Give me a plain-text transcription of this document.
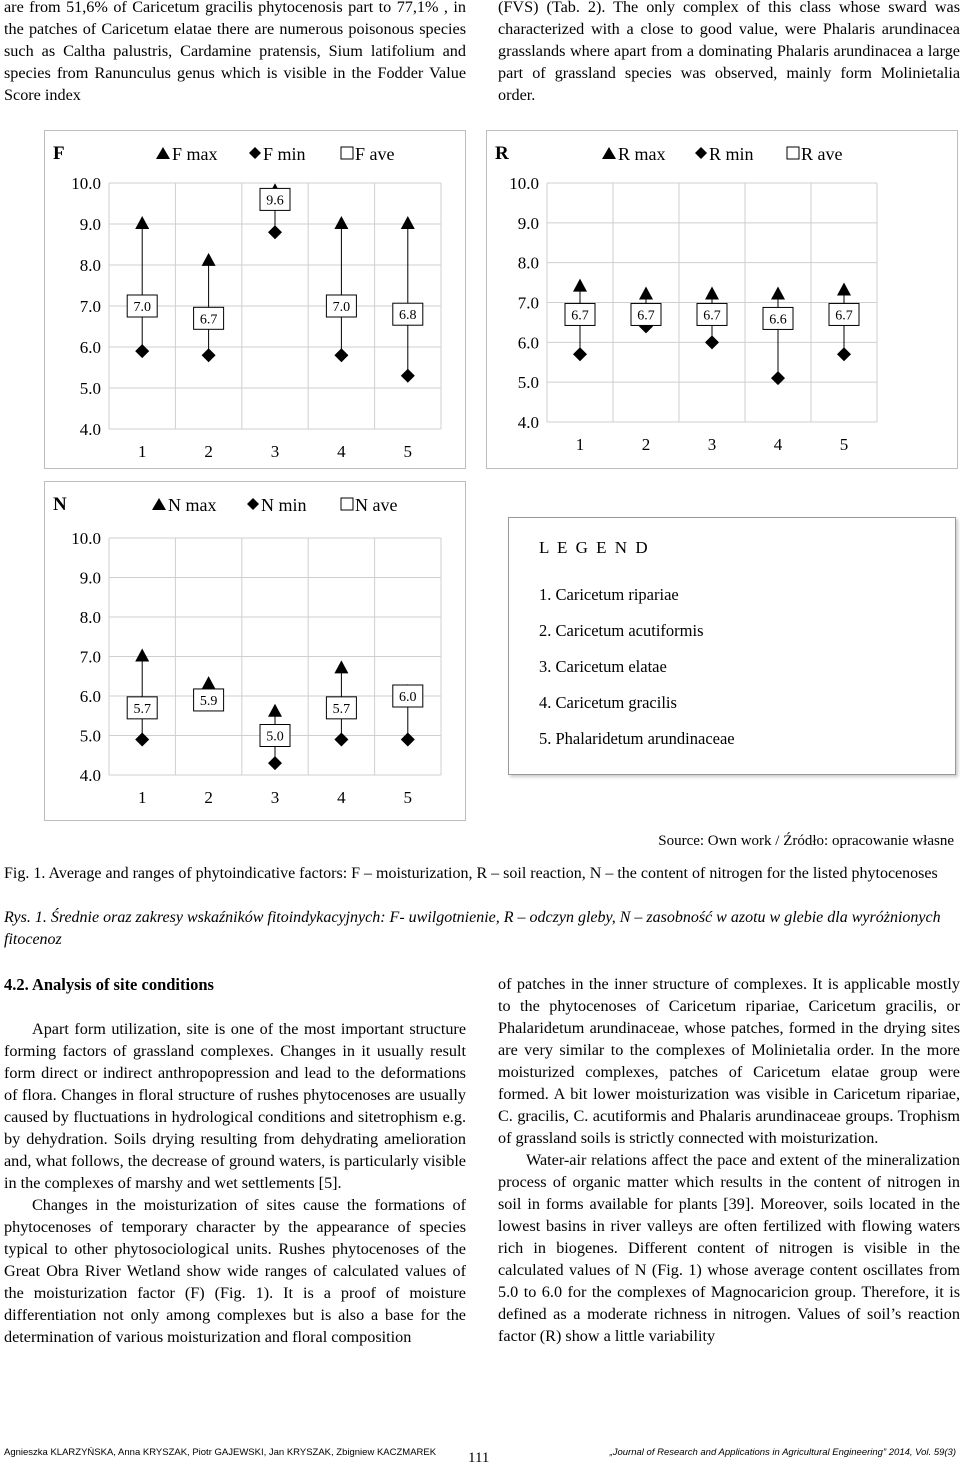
are from 51,6% of Caricetum gracilis phytocenosis part to 77,1% , in the patches of Caricetum elatae there are numerous poisonous species such as Caltha palustris, Cardamine pratensis, Sium latifolium and species from Ranunculus genus which is visible in the Fodder Value Score index

(FVS) (Tab. 2). The only complex of this class whose sward was characterized with a close to good value, were Phalaris arundinacea grasslands where apart from a dominating Phalaris arundinacea a large part of grassland species was observed, mainly form Molinietalia order.

F	F max	F min	F ave
4.0
5.0
6.0
7.0
8.0
9.0
10.0
7.0
1
6.7
2
9.6
3
7.0
4
6.8
5
R	R max R min	R ave
4.0
5.0
6.0
7.0
8.0
9.0
10.0
6.7
1
6.7
2
6.7
3
6.6
4
6.7
5
N	N max N min	N ave
4.0
5.0
6.0
7.0
8.0
9.0
10.0
5.7
1
5.9
2
5.0
3
5.7
4
6.0
5
L E G E N D
1. Caricetum ripariae
2. Caricetum acutiformis
3. Caricetum elatae
4. Caricetum gracilis
5. Phalaridetum arundinaceae
Source: Own work / Źródło: opracowanie własne
Fig. 1. Average and ranges of phytoindicative factors: F – moisturization, R – soil reaction, N – the content of nitrogen for the listed phytocenoses
Rys. 1. Średnie oraz zakresy wskaźników fitoindykacyjnych: F- uwilgotnienie, R – odczyn gleby, N – zasobność w azotu w glebie dla wyróżnionych fitocenoz
4.2. Analysis of site conditions

Apart form utilization, site is one of the most important structure forming factors of grassland complexes. Changes in it usually result form direct or indirect anthropopression and lead to the deformations of flora. Changes in floral structure of rushes phytocenoses are usually caused by fluctuations in hydrological conditions and sitetrophism e.g. by dehydration. Soils drying resulting from dehydrating amelioration and, what follows, the decrease of ground waters, is particularly visible in the complexes of marshy and wet settlements [5].

Changes in the moisturization of sites cause the formations of phytocenoses of temporary character by the appearance of species typical to other phytosociological units. Rushes phytocenoses of the Great Obra River Wetland show wide ranges of calculated values of the moisturization factor (F) (Fig. 1). It is a proof of moisture differentiation not only among complexes but is also a base for the determination of various moisturization and floral composition

of patches in the inner structure of complexes. It is applicable mostly to the phytocenoses of Caricetum ripariae, Caricetum gracilis, or Phalaridetum arundinaceae, whose patches, formed in the drying sites are very similar to the complexes of Molinietalia order. In the more moisturized complexes, patches of Caricetum elatae group were formed. A bit lower moisturization was visible in Caricetum ripariae, C. gracilis, C. acutiformis and Phalaris arundinaceae groups. Trophism of grassland soils is strictly connected with moisturization.

Water-air relations affect the pace and extent of the mineralization process of organic matter which results in the content of nitrogen in soil in forms available for plants [39]. Moreover, soils located in the lowest basins in river valleys are often fertilized with flowing waters rich in biogenes. Different content of nitrogen is visible in the calculated values of N (Fig. 1) whose average content oscillates from 5.0 to 6.0 for the complexes of Magnocaricion group. Therefore, it is defined as a moderate richness in nitrogen. Values of soil’s reaction factor (R) show a little variability

Agnieszka KLARZYŃSKA, Anna KRYSZAK, Piotr GAJEWSKI, Jan KRYSZAK, Zbigniew KACZMAREK 111	„Journal of Research and Applications in Agricultural Engineering” 2014, Vol. 59(3)
